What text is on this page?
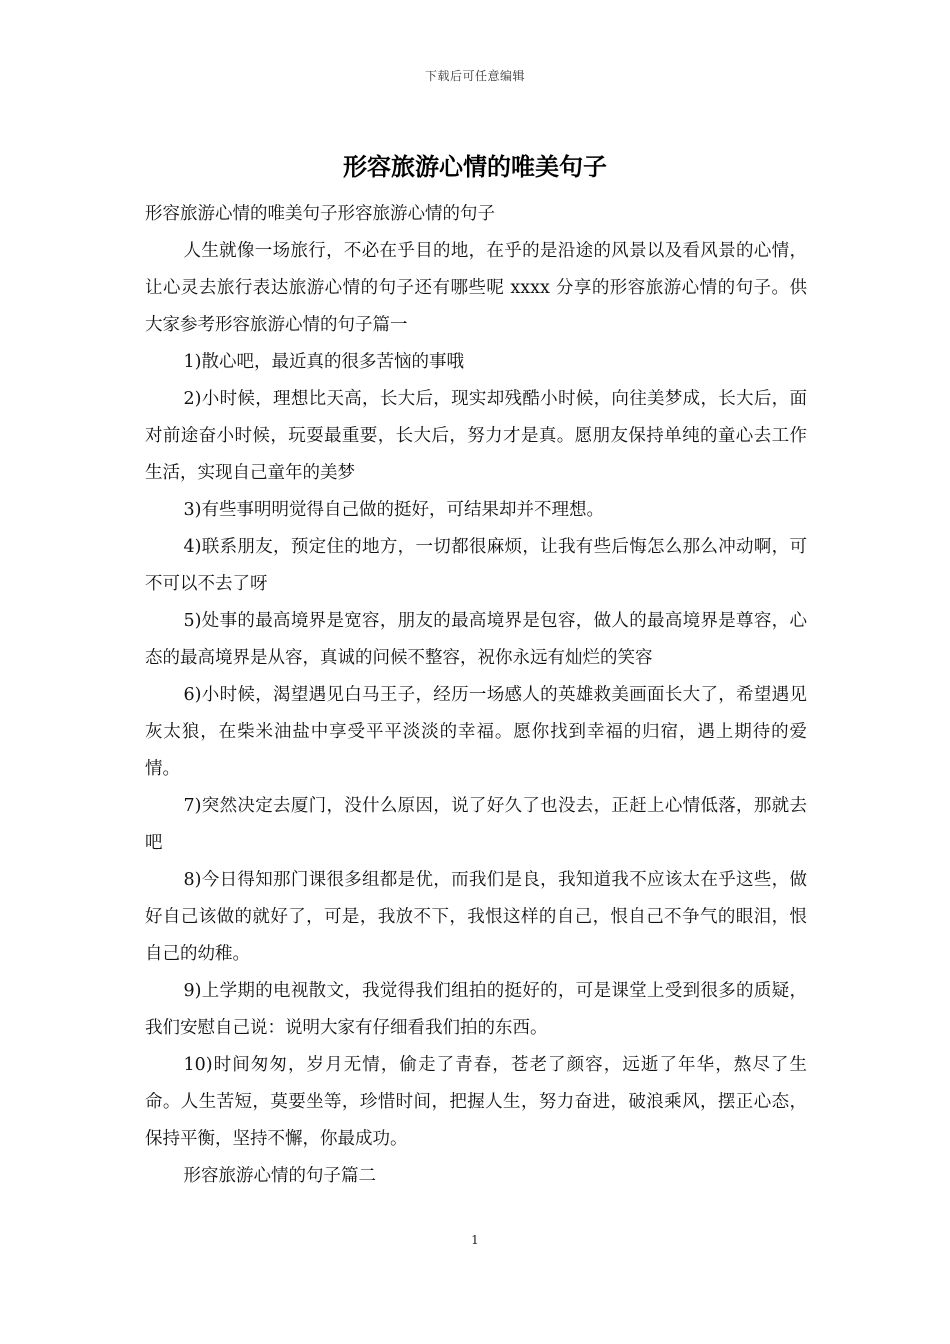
下载后可任意编辑
形容旅游心情的唯美句子

形容旅游心情的唯美句子形容旅游心情的句子

人生就像一场旅行，不必在乎目的地，在乎的是沿途的风景以及看风景的心情，让心灵去旅行表达旅游心情的句子还有哪些呢 xxxx 分享的形容旅游心情的句子。供大家参考形容旅游心情的句子篇一

1)散心吧，最近真的很多苦恼的事哦

2)小时候，理想比天高，长大后，现实却残酷小时候，向往美梦成，长大后，面对前途奋小时候，玩耍最重要，长大后，努力才是真。愿朋友保持单纯的童心去工作生活，实现自己童年的美梦

3)有些事明明觉得自己做的挺好，可结果却并不理想。

4)联系朋友，预定住的地方，一切都很麻烦，让我有些后悔怎么那么冲动啊，可不可以不去了呀

5)处事的最高境界是宽容，朋友的最高境界是包容，做人的最高境界是尊容，心态的最高境界是从容，真诚的问候不整容，祝你永远有灿烂的笑容

6)小时候，渴望遇见白马王子，经历一场感人的英雄救美画面长大了，希望遇见灰太狼，在柴米油盐中享受平平淡淡的幸福。愿你找到幸福的归宿，遇上期待的爱情。

7)突然决定去厦门，没什么原因，说了好久了也没去，正赶上心情低落，那就去吧

8)今日得知那门课很多组都是优，而我们是良，我知道我不应该太在乎这些，做好自己该做的就好了，可是，我放不下，我恨这样的自己，恨自己不争气的眼泪，恨自己的幼稚。

9)上学期的电视散文，我觉得我们组拍的挺好的，可是课堂上受到很多的质疑，我们安慰自己说：说明大家有仔细看我们拍的东西。

10)时间匆匆，岁月无情，偷走了青春，苍老了颜容，远逝了年华，熬尽了生命。人生苦短，莫要坐等，珍惜时间，把握人生，努力奋进，破浪乘风，摆正心态，保持平衡，坚持不懈，你最成功。

形容旅游心情的句子篇二

1
